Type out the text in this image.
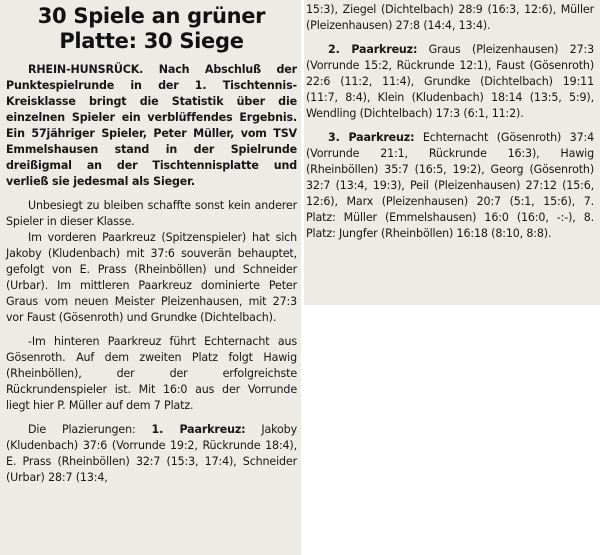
30 Spiele an grüner
Platte: 30 Siege

RHEIN-HUNSRÜCK. Nach Abschluß der Punktespielrunde in der 1. Tischtennis-Kreisklasse bringt die Statistik über die einzelnen Spieler ein verblüffendes Ergebnis. Ein 57jähriger Spieler, Peter Müller, vom TSV Emmelshausen stand in der Spielrunde dreißigmal an der Tischtennisplatte und verließ sie jedesmal als Sieger.

Unbesiegt zu bleiben schaffte sonst kein anderer Spieler in dieser Klasse.

Im vorderen Paarkreuz (Spitzenspieler) hat sich Jakoby (Kludenbach) mit 37:6 souverän behauptet, gefolgt von E. Prass (Rheinböllen) und Schneider (Urbar). Im mittleren Paarkreuz dominierte Peter Graus vom neuen Meister Pleizenhausen, mit 27:3 vor Faust (Gösenroth) und Grundke (Dichtelbach).

-Im hinteren Paarkreuz führt Echternacht aus Gösenroth. Auf dem zweiten Platz folgt Hawig (Rheinböllen), der der erfolgreichste Rückrundenspieler ist. Mit 16:0 aus der Vorrunde liegt hier P. Müller auf dem 7 Platz.

Die Plazierungen: 1. Paarkreuz: Jakoby (Kludenbach) 37:6 (Vorrunde 19:2, Rückrunde 18:4), E. Prass (Rheinböllen) 32:7 (15:3, 17:4), Schneider (Urbar) 28:7 (13:4,

15:3), Ziegel (Dichtelbach) 28:9 (16:3, 12:6), Müller (Pleizenhausen) 27:8 (14:4, 13:4).

2. Paarkreuz: Graus (Pleizenhausen) 27:3 (Vorrunde 15:2, Rückrunde 12:1), Faust (Gösenroth) 22:6 (11:2, 11:4), Grundke (Dichtelbach) 19:11 (11:7, 8:4), Klein (Kludenbach) 18:14 (13:5, 5:9), Wendling (Dichtelbach) 17:3 (6:1, 11:2).

3. Paarkreuz: Echternacht (Gösenroth) 37:4 (Vorrunde 21:1, Rückrunde 16:3), Hawig (Rheinböllen) 35:7 (16:5, 19:2), Georg (Gösenroth) 32:7 (13:4, 19:3), Peil (Pleizenhausen) 27:12 (15:6, 12:6), Marx (Pleizenhausen) 20:7 (5:1, 15:6), 7. Platz: Müller (Emmelshausen) 16:0 (16:0, -:-), 8. Platz: Jungfer (Rheinböllen) 16:18 (8:10, 8:8).
